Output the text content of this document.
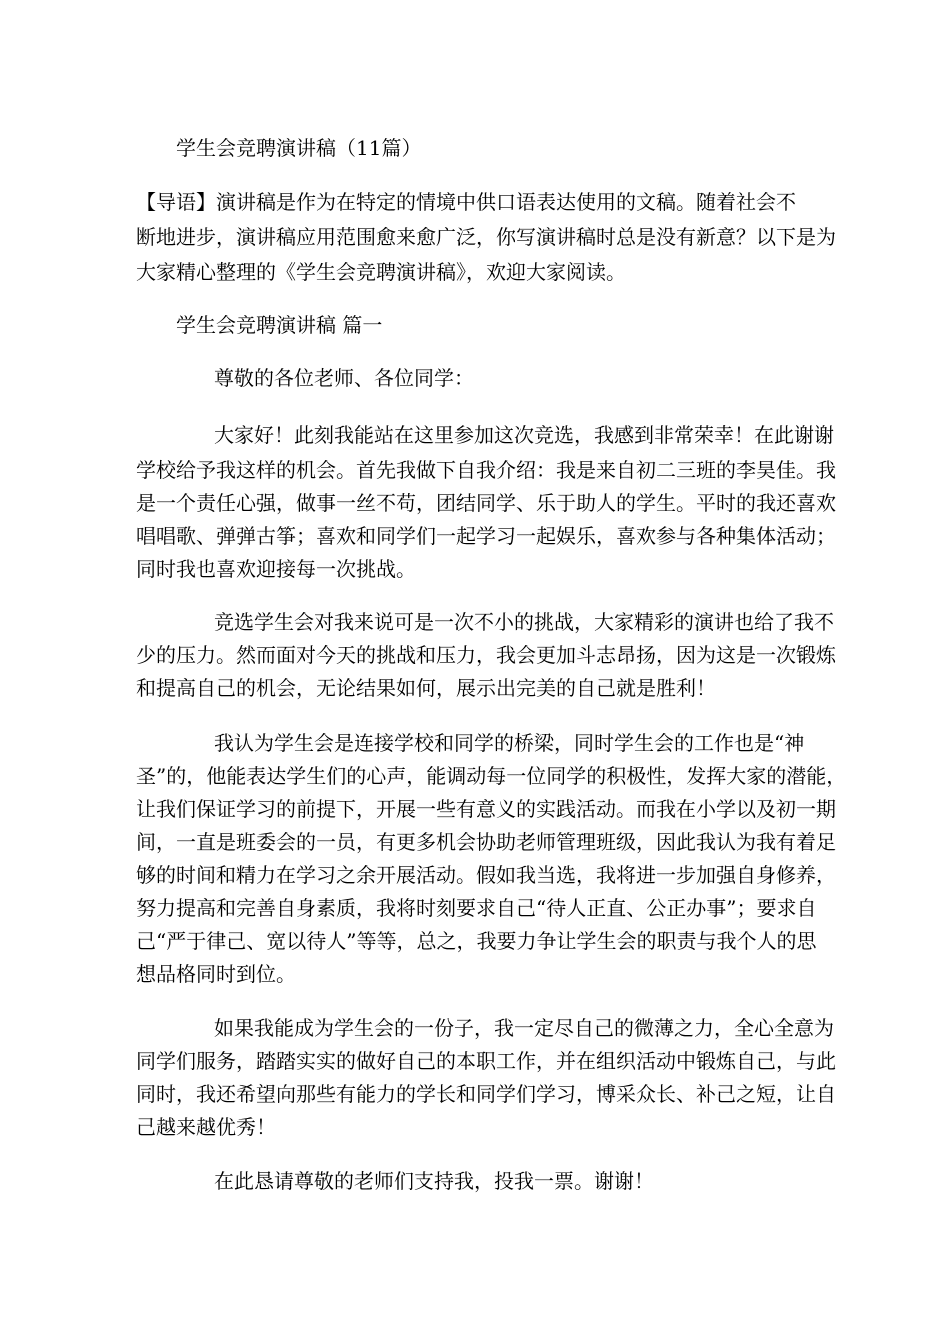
学生会竞聘演讲稿（11篇）
【导语】演讲稿是作为在特定的情境中供口语表达使用的文稿。随着社会不
断地进步，演讲稿应用范围愈来愈广泛，你写演讲稿时总是没有新意？以下是为
大家精心整理的《学生会竞聘演讲稿》，欢迎大家阅读。
学生会竞聘演讲稿 篇一
尊敬的各位老师、各位同学：
大家好！此刻我能站在这里参加这次竞选，我感到非常荣幸！在此谢谢
学校给予我这样的机会。首先我做下自我介绍：我是来自初二三班的李昊佳。我
是一个责任心强，做事一丝不苟，团结同学、乐于助人的学生。平时的我还喜欢
唱唱歌、弹弹古筝；喜欢和同学们一起学习一起娱乐，喜欢参与各种集体活动；
同时我也喜欢迎接每一次挑战。
竞选学生会对我来说可是一次不小的挑战，大家精彩的演讲也给了我不
少的压力。然而面对今天的挑战和压力，我会更加斗志昂扬，因为这是一次锻炼
和提高自己的机会，无论结果如何，展示出完美的自己就是胜利！
我认为学生会是连接学校和同学的桥梁，同时学生会的工作也是“神
圣”的，他能表达学生们的心声，能调动每一位同学的积极性，发挥大家的潜能，
让我们保证学习的前提下，开展一些有意义的实践活动。而我在小学以及初一期
间，一直是班委会的一员，有更多机会协助老师管理班级，因此我认为我有着足
够的时间和精力在学习之余开展活动。假如我当选，我将进一步加强自身修养，
努力提高和完善自身素质，我将时刻要求自己“待人正直、公正办事”；要求自
己“严于律己、宽以待人”等等，总之，我要力争让学生会的职责与我个人的思
想品格同时到位。
如果我能成为学生会的一份子，我一定尽自己的微薄之力，全心全意为
同学们服务，踏踏实实的做好自己的本职工作，并在组织活动中锻炼自己，与此
同时，我还希望向那些有能力的学长和同学们学习，博采众长、补己之短，让自
己越来越优秀！
在此恳请尊敬的老师们支持我，投我一票。谢谢！
